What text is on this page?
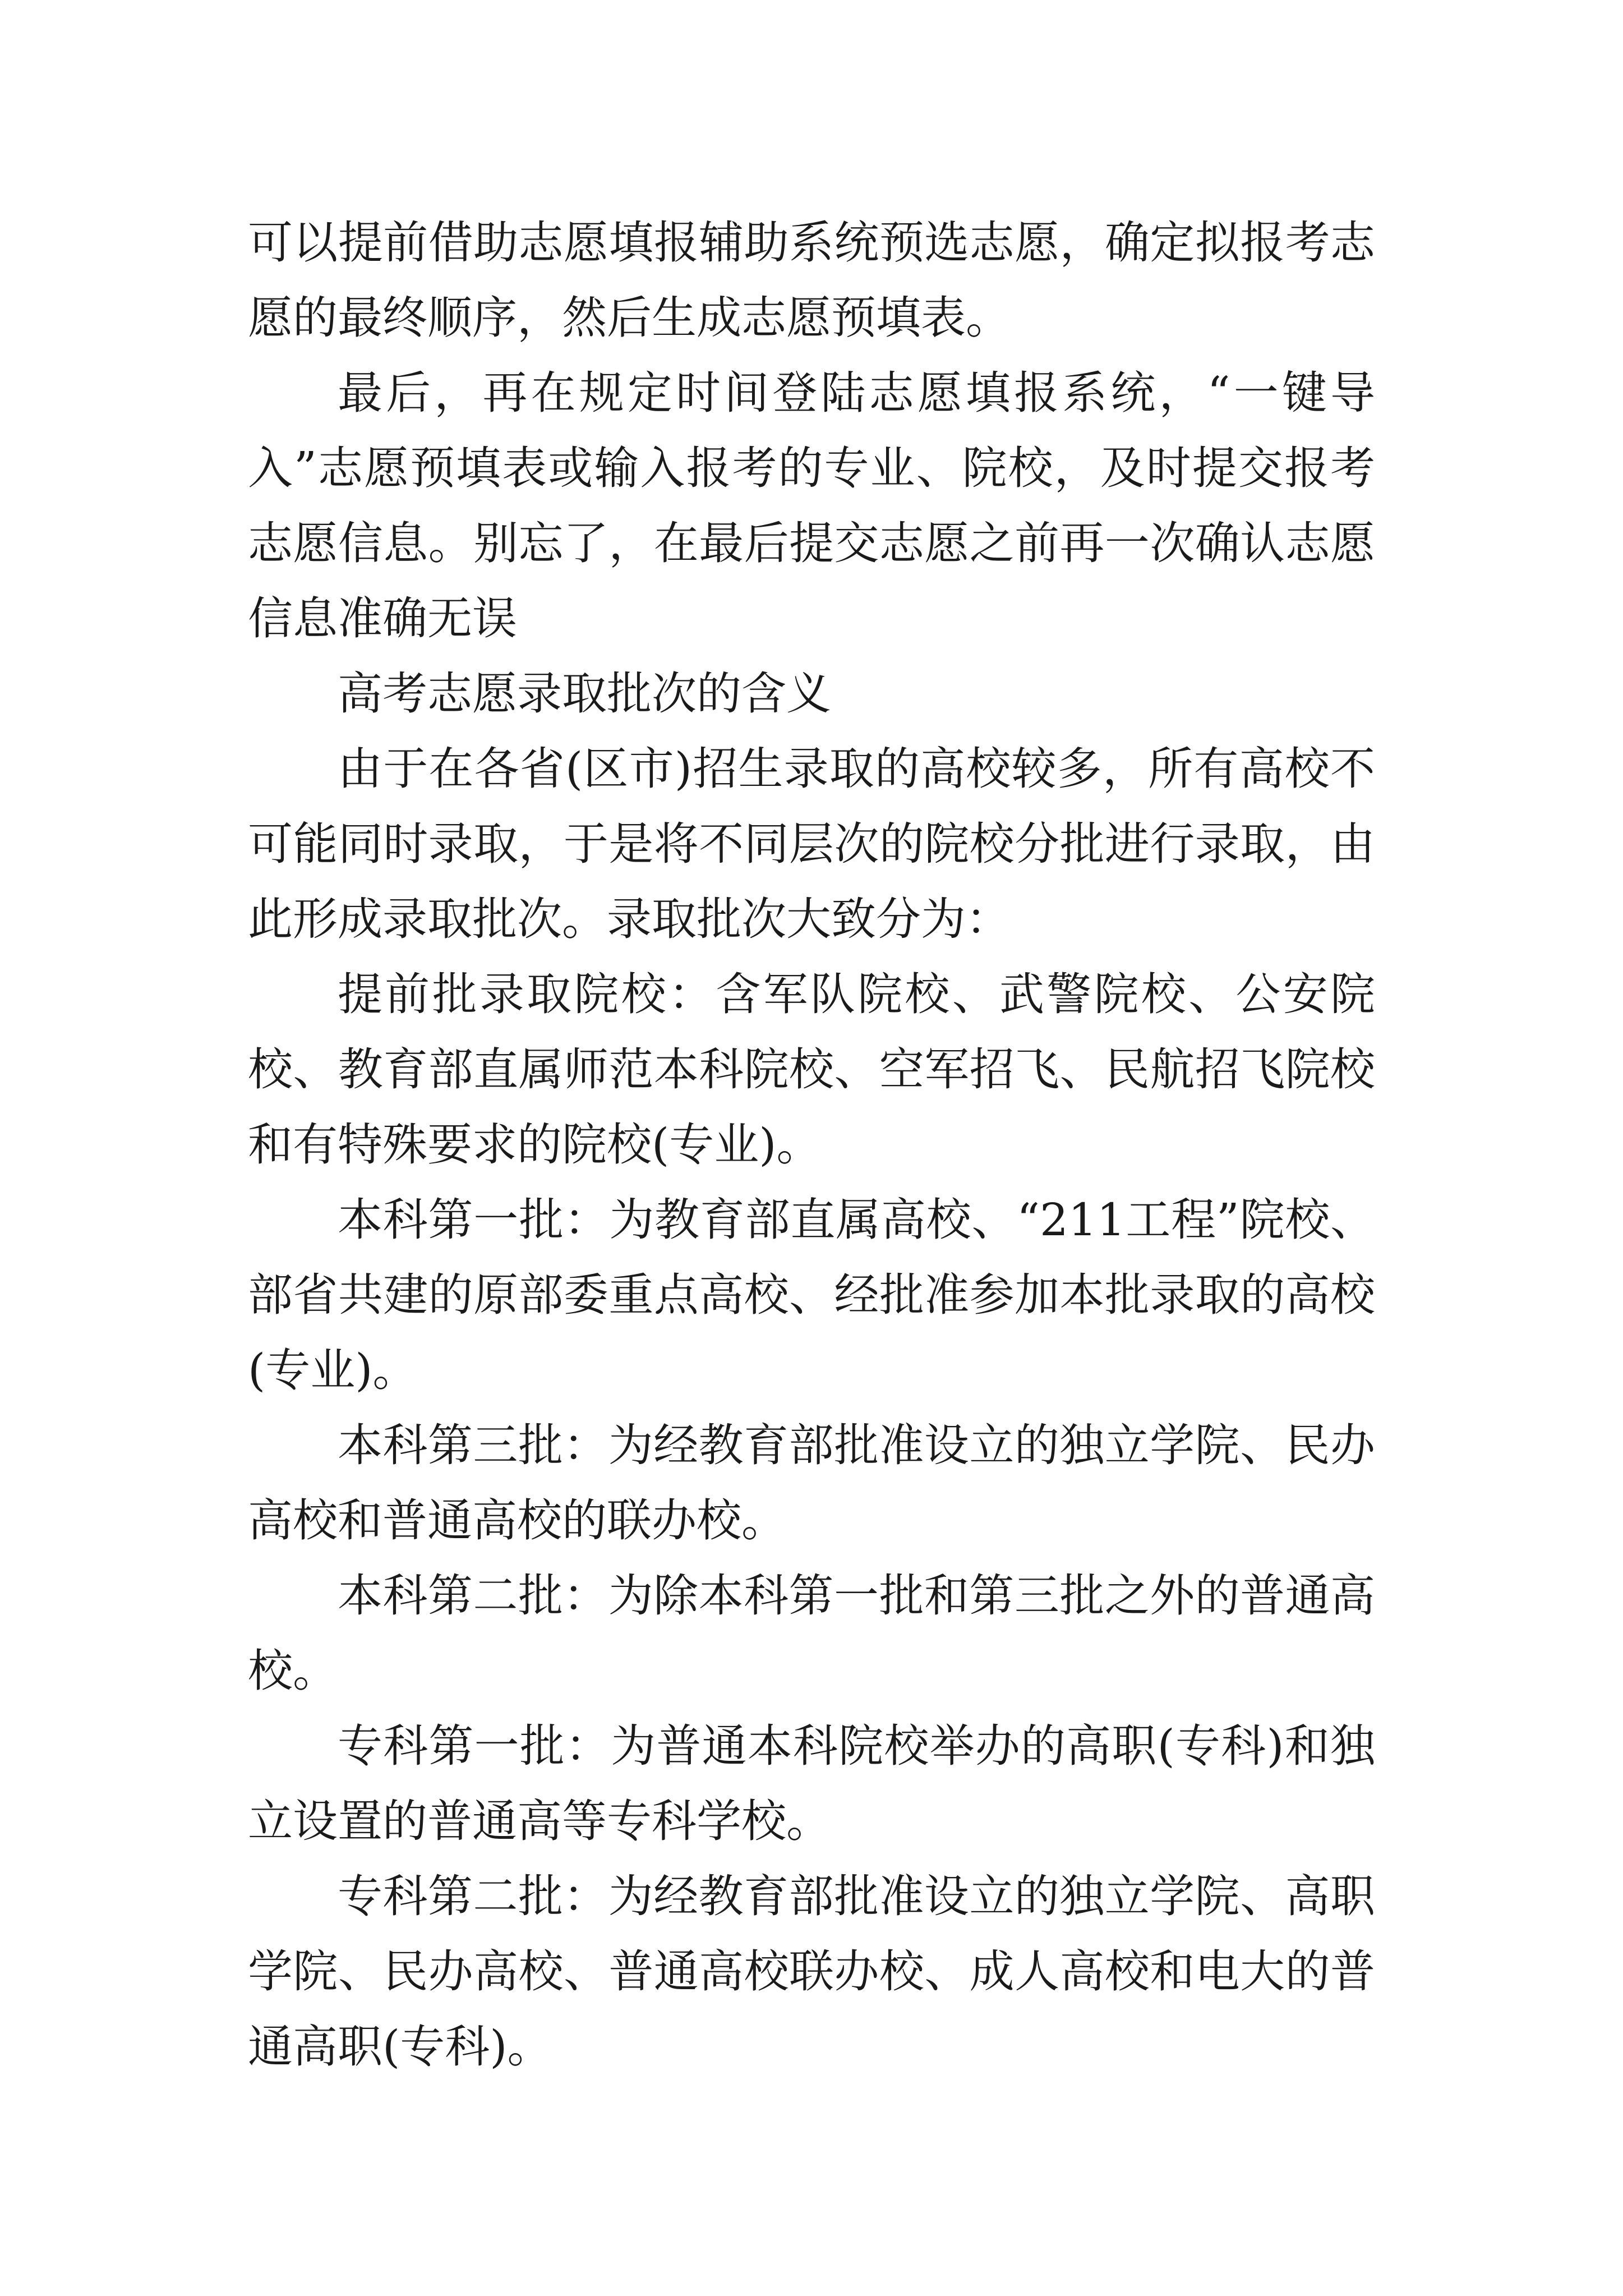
可以提前借助志愿填报辅助系统预选志愿，确定拟报考志愿的最终顺序，然后生成志愿预填表。

最后，再在规定时间登陆志愿填报系统，“一键导入”志愿预填表或输入报考的专业、院校，及时提交报考志愿信息。别忘了，在最后提交志愿之前再一次确认志愿信息准确无误

高考志愿录取批次的含义

由于在各省(区市)招生录取的高校较多，所有高校不可能同时录取，于是将不同层次的院校分批进行录取，由此形成录取批次。录取批次大致分为：

提前批录取院校：含军队院校、武警院校、公安院校、教育部直属师范本科院校、空军招飞、民航招飞院校和有特殊要求的院校(专业)。

本科第一批：为教育部直属高校、“211工程”院校、部省共建的原部委重点高校、经批准参加本批录取的高校(专业)。

本科第三批：为经教育部批准设立的独立学院、民办高校和普通高校的联办校。

本科第二批：为除本科第一批和第三批之外的普通高校。

专科第一批：为普通本科院校举办的高职(专科)和独立设置的普通高等专科学校。

专科第二批：为经教育部批准设立的独立学院、高职学院、民办高校、普通高校联办校、成人高校和电大的普通高职(专科)。
